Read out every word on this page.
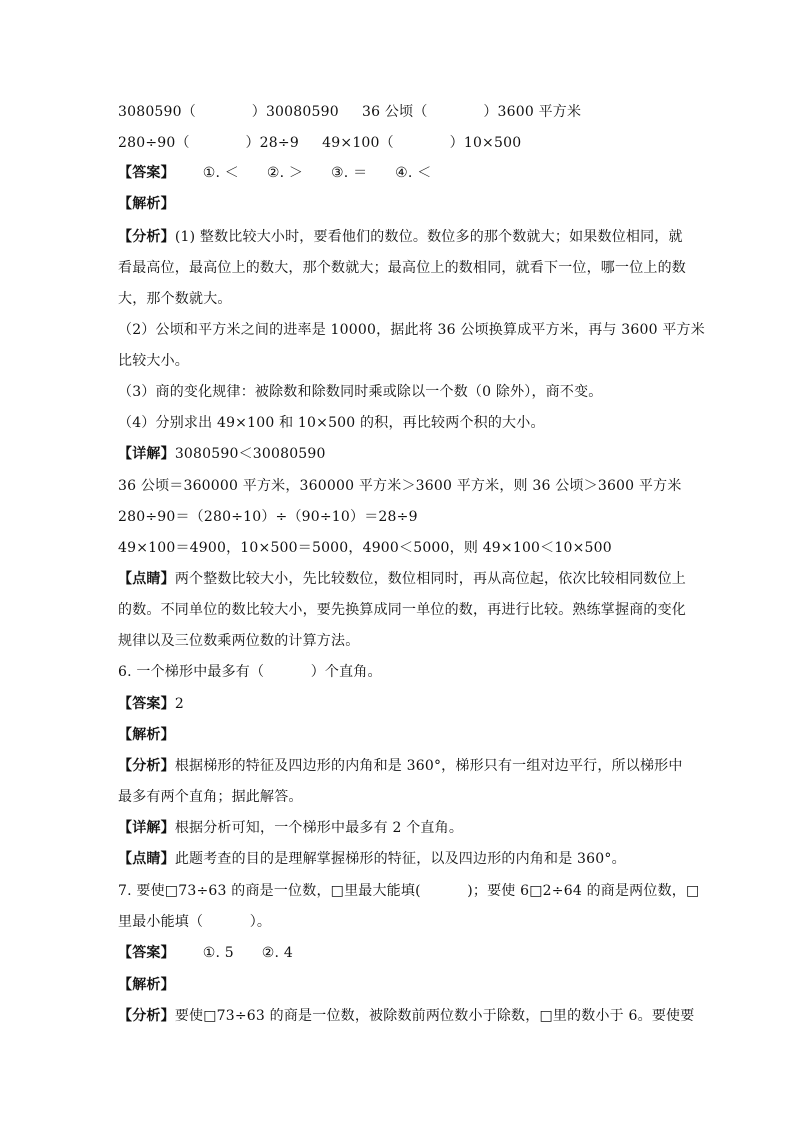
3080590（            ）30080590     36 公顷（            ）3600 平方米
280÷90（            ）28÷9     49×100（            ）10×500
【答案】      ①. ＜      ②. ＞      ③. ＝      ④. ＜
【解析】
【分析】(1) 整数比较大小时，要看他们的数位。数位多的那个数就大；如果数位相同，就
看最高位，最高位上的数大，那个数就大；最高位上的数相同，就看下一位，哪一位上的数
大，那个数就大。
（2）公顷和平方米之间的进率是 10000，据此将 36 公顷换算成平方米，再与 3600 平方米
比较大小。
（3）商的变化规律：被除数和除数同时乘或除以一个数（0 除外），商不变。
（4）分别求出 49×100 和 10×500 的积，再比较两个积的大小。
【详解】3080590＜30080590
36 公顷＝360000 平方米，360000 平方米＞3600 平方米，则 36 公顷＞3600 平方米
280÷90＝（280÷10）÷（90÷10）＝28÷9
49×100＝4900，10×500＝5000，4900＜5000，则 49×100＜10×500
【点睛】两个整数比较大小，先比较数位，数位相同时，再从高位起，依次比较相同数位上
的数。不同单位的数比较大小，要先换算成同一单位的数，再进行比较。熟练掌握商的变化
规律以及三位数乘两位数的计算方法。
6. 一个梯形中最多有（          ）个直角。
【答案】2
【解析】
【分析】根据梯形的特征及四边形的内角和是 360°，梯形只有一组对边平行，所以梯形中
最多有两个直角；据此解答。
【详解】根据分析可知，一个梯形中最多有 2 个直角。
【点睛】此题考查的目的是理解掌握梯形的特征，以及四边形的内角和是 360°。
7. 要使□73÷63 的商是一位数，□里最大能填(          )；要使 6□2÷64 的商是两位数，□
里最小能填（          ）。
【答案】      ①. 5      ②. 4
【解析】
【分析】要使□73÷63 的商是一位数，被除数前两位数小于除数，□里的数小于 6。要使要
